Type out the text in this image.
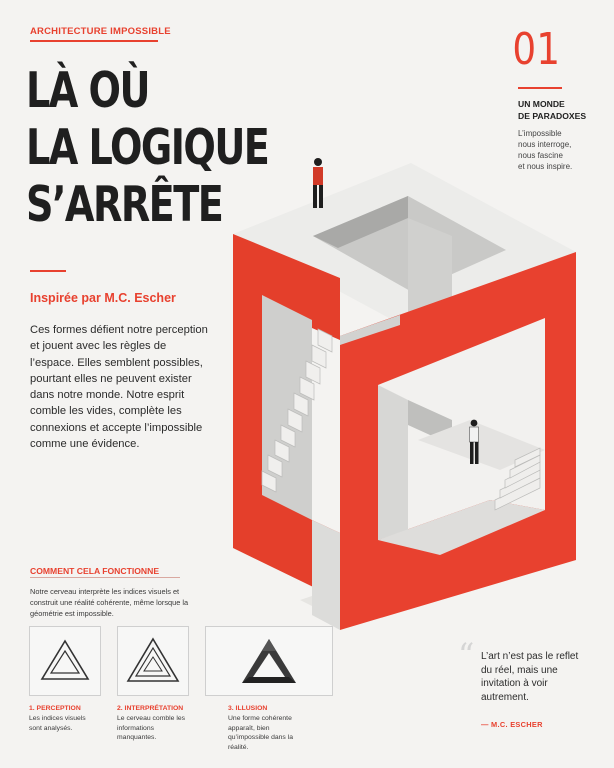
ARCHITECTURE IMPOSSIBLE
LÀ OÙ
LA LOGIQUE
S’ARRÊTE
Inspirée par M.C. Escher

Ces formes défient notre perception et jouent avec les règles de l’espace. Elles semblent possibles, pourtant elles ne peuvent exister dans notre monde. Notre esprit comble les vides, complète les connexions et accepte l’impossible comme une évidence.

01
UN MONDE
DE PARADOXES
L’impossible
nous interroge,
nous fascine
et nous inspire.
COMMENT CELA FONCTIONNE
Notre cerveau interprète les indices visuels et construit une réalité cohérente, même lorsque la géométrie est impossible.
1. PERCEPTION
Les indices visuels sont analysés.
2. INTERPRÉTATION
Le cerveau comble les informations manquantes.
3. ILLUSION
Une forme cohérente apparaît, bien qu’impossible dans la réalité.
“ L’art n’est pas le reflet du réel, mais une invitation à voir autrement.
— M.C. ESCHER
